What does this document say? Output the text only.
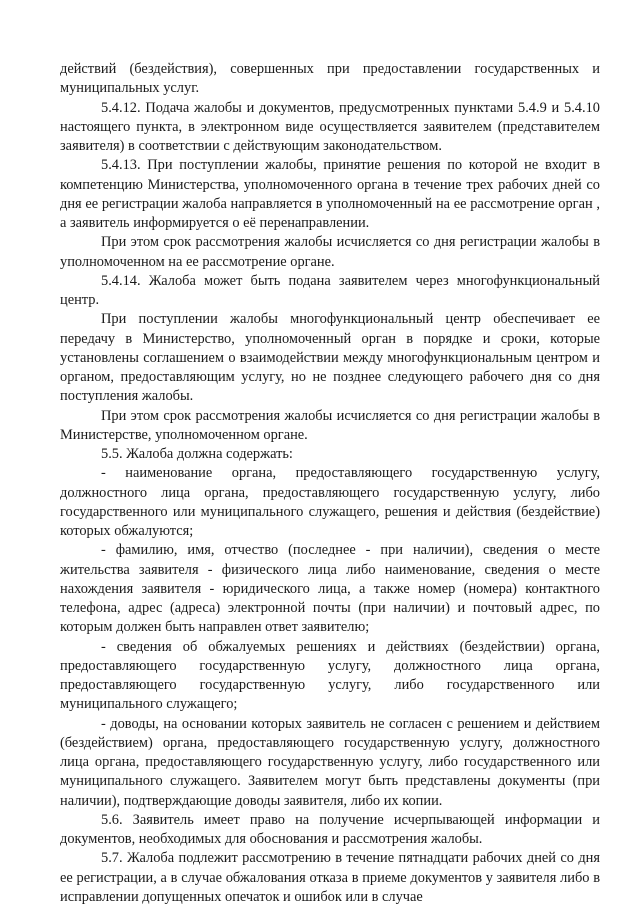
действий (бездействия), совершенных при предоставлении государственных и муниципальных услуг.

5.4.12. Подача жалобы и документов, предусмотренных пунктами 5.4.9 и 5.4.10 настоящего пункта, в электронном виде осуществляется заявителем (представителем заявителя) в соответствии с действующим законодательством.

5.4.13. При поступлении жалобы, принятие решения по которой не входит в компетенцию Министерства, уполномоченного органа в течение трех рабочих дней со дня ее регистрации жалоба направляется в уполномоченный на ее рассмотрение орган , а заявитель информируется о её перенаправлении.

При этом срок рассмотрения жалобы исчисляется со дня регистрации жалобы в уполномоченном на ее рассмотрение органе.

5.4.14. Жалоба может быть подана заявителем через многофункциональный центр.

При поступлении жалобы многофункциональный центр обеспечивает ее передачу в Министерство, уполномоченный орган в порядке и сроки, которые установлены соглашением о взаимодействии между многофункциональным центром и органом, предоставляющим услугу, но не позднее следующего рабочего дня со дня поступления жалобы.

При этом срок рассмотрения жалобы исчисляется со дня регистрации жалобы в Министерстве, уполномоченном органе.

5.5. Жалоба должна содержать:

- наименование органа, предоставляющего государственную услугу, должностного лица органа, предоставляющего государственную услугу, либо государственного или муниципального служащего, решения и действия (бездействие) которых обжалуются;

- фамилию, имя, отчество (последнее - при наличии), сведения о месте жительства заявителя - физического лица либо наименование, сведения о месте нахождения заявителя - юридического лица, а также номер (номера) контактного телефона, адрес (адреса) электронной почты (при наличии) и почтовый адрес, по которым должен быть направлен ответ заявителю;

- сведения об обжалуемых решениях и действиях (бездействии) органа, предоставляющего государственную услугу, должностного лица органа, предоставляющего государственную услугу, либо государственного или муниципального служащего;

- доводы, на основании которых заявитель не согласен с решением и действием (бездействием) органа, предоставляющего государственную услугу, должностного лица органа, предоставляющего государственную услугу, либо государственного или муниципального служащего. Заявителем могут быть представлены документы (при наличии), подтверждающие доводы заявителя, либо их копии.

5.6. Заявитель имеет право на получение исчерпывающей информации и документов, необходимых для обоснования и рассмотрения жалобы.

5.7. Жалоба подлежит рассмотрению в течение пятнадцати рабочих дней со дня ее регистрации, а в случае обжалования отказа в приеме документов у заявителя либо в исправлении допущенных опечаток и ошибок или в случае
